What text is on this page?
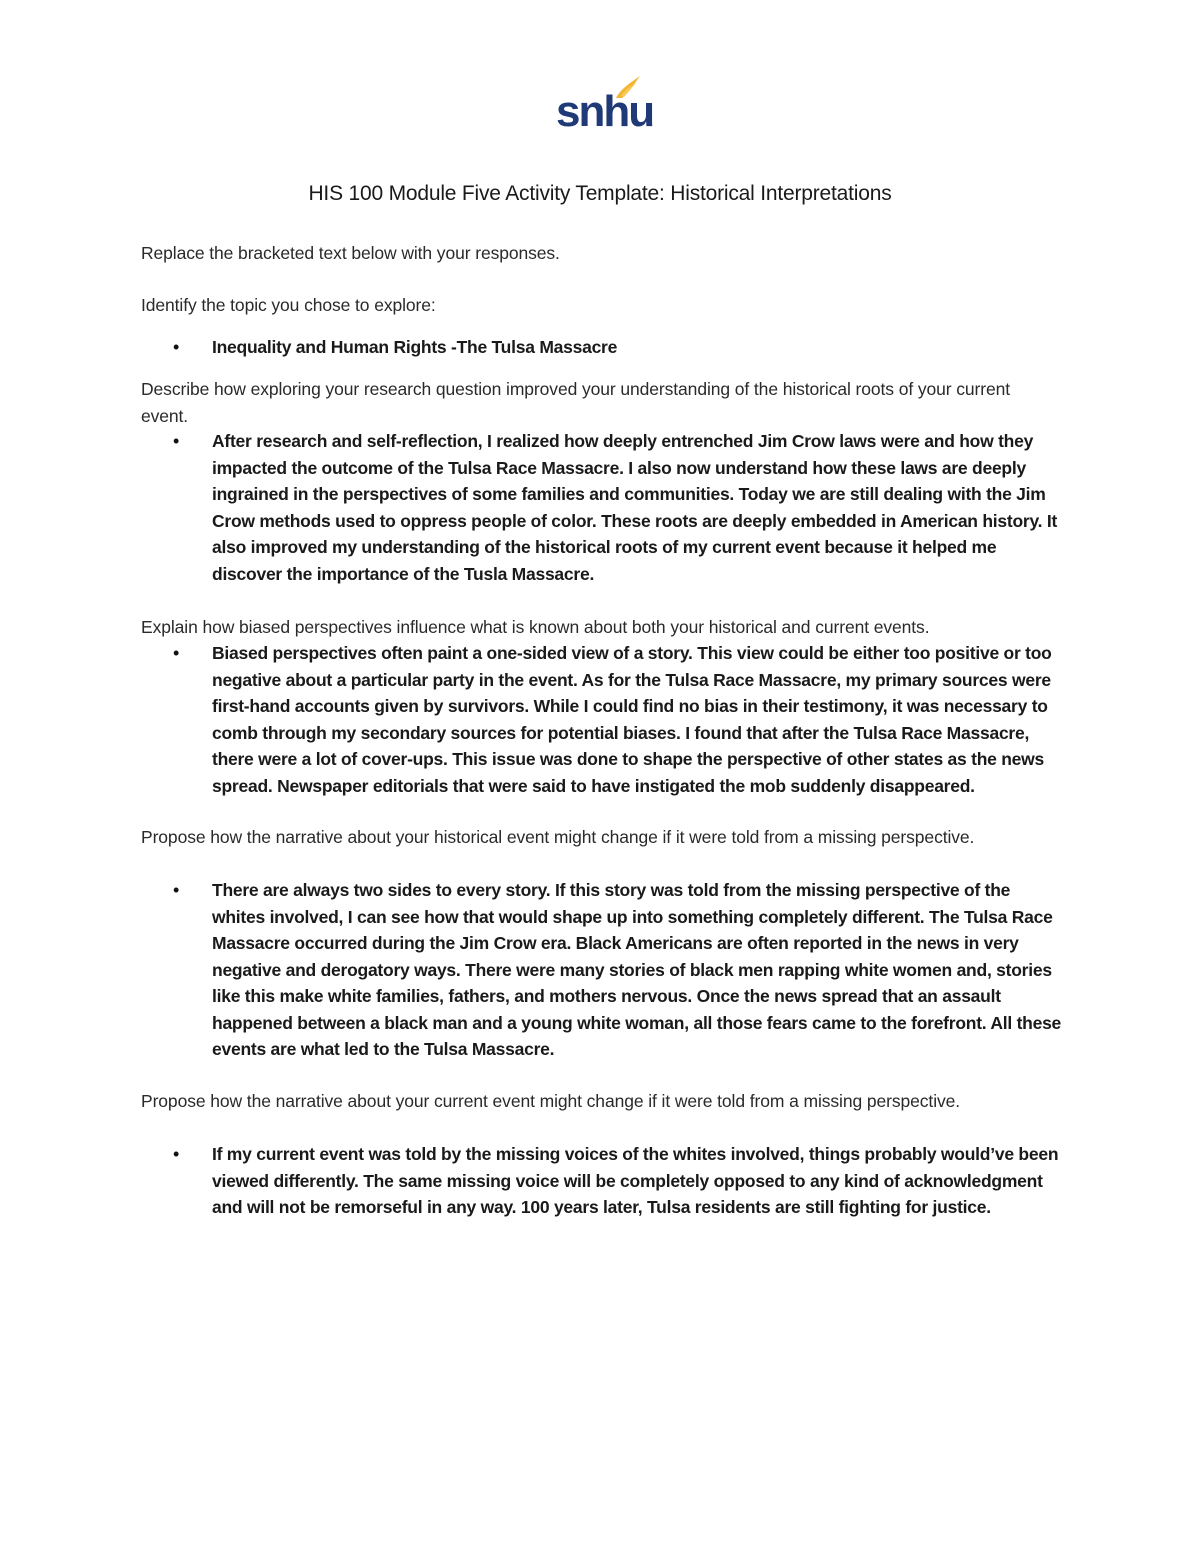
snhu
HIS 100 Module Five Activity Template: Historical Interpretations
Replace the bracketed text below with your responses.
Identify the topic you chose to explore:
•	Inequality and Human Rights -The Tulsa Massacre
Describe how exploring your research question improved your understanding of the historical roots of your current event.
•	After research and self-reflection, I realized how deeply entrenched Jim Crow laws were and how they impacted the outcome of the Tulsa Race Massacre. I also now understand how these laws are deeply ingrained in the perspectives of some families and communities. Today we are still dealing with the Jim Crow methods used to oppress people of color. These roots are deeply embedded in American history. It also improved my understanding of the historical roots of my current event because it helped me discover the importance of the Tusla Massacre.
Explain how biased perspectives influence what is known about both your historical and current events.
•	Biased perspectives often paint a one-sided view of a story. This view could be either too positive or too negative about a particular party in the event. As for the Tulsa Race Massacre, my primary sources were first-hand accounts given by survivors. While I could find no bias in their testimony, it was necessary to comb through my secondary sources for potential biases. I found that after the Tulsa Race Massacre, there were a lot of cover-ups. This issue was done to shape the perspective of other states as the news spread. Newspaper editorials that were said to have instigated the mob suddenly disappeared.
Propose how the narrative about your historical event might change if it were told from a missing perspective.
•	There are always two sides to every story. If this story was told from the missing perspective of the whites involved, I can see how that would shape up into something completely different. The Tulsa Race Massacre occurred during the Jim Crow era. Black Americans are often reported in the news in very negative and derogatory ways. There were many stories of black men rapping white women and, stories like this make white families, fathers, and mothers nervous. Once the news spread that an assault happened between a black man and a young white woman, all those fears came to the forefront. All these events are what led to the Tulsa Massacre.
Propose how the narrative about your current event might change if it were told from a missing perspective.
•	If my current event was told by the missing voices of the whites involved, things probably would’ve been viewed differently. The same missing voice will be completely opposed to any kind of acknowledgment and will not be remorseful in any way. 100 years later, Tulsa residents are still fighting for justice.
